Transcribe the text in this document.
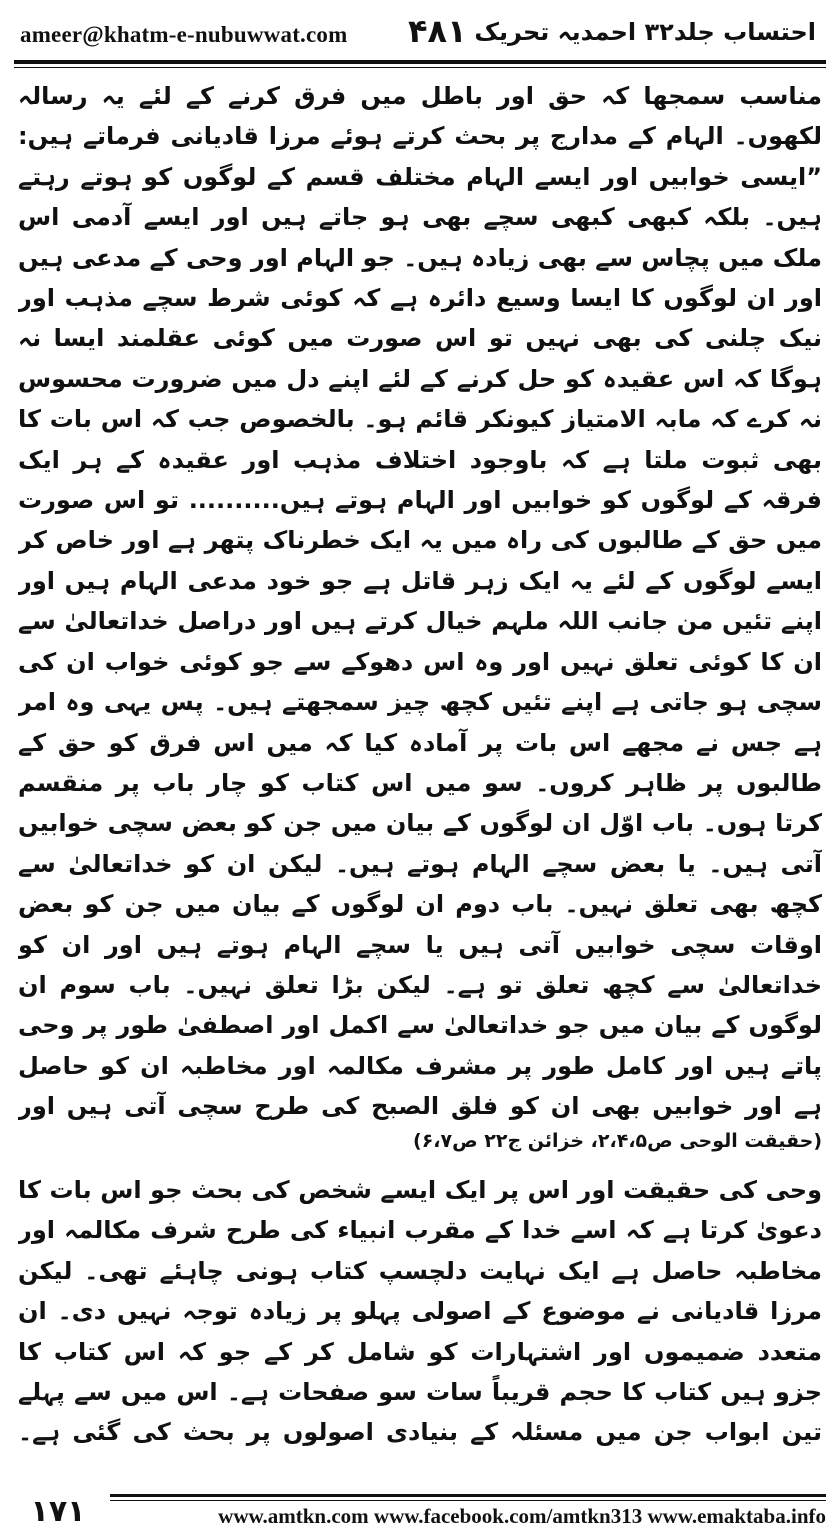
ameer@khatm-e-nubuwwat.com ۴۸۱ احتساب جلد۳۲ احمدیہ تحریک

مناسب سمجھا کہ حق اور باطل میں فرق کرنے کے لئے یہ رسالہ لکھوں۔ الہام کے مدارج پر بحث کرتے ہوئے مرزا قادیانی فرماتے ہیں: ”ایسی خوابیں اور ایسے الہام مختلف قسم کے لوگوں کو ہوتے رہتے ہیں۔ بلکہ کبھی کبھی سچے بھی ہو جاتے ہیں اور ایسے آدمی اس ملک میں پچاس سے بھی زیادہ ہیں۔ جو الہام اور وحی کے مدعی ہیں اور ان لوگوں کا ایسا وسیع دائرہ ہے کہ کوئی شرط سچے مذہب اور نیک چلنی کی بھی نہیں تو اس صورت میں کوئی عقلمند ایسا نہ ہوگا کہ اس عقیدہ کو حل کرنے کے لئے اپنے دل میں ضرورت محسوس نہ کرے کہ مابہ الامتیاز کیونکر قائم ہو۔ بالخصوص جب کہ اس بات کا بھی ثبوت ملتا ہے کہ باوجود اختلاف مذہب اور عقیدہ کے ہر ایک فرقہ کے لوگوں کو خوابیں اور الہام ہوتے ہیں.......... تو اس صورت میں حق کے طالبوں کی راہ میں یہ ایک خطرناک پتھر ہے اور خاص کر ایسے لوگوں کے لئے یہ ایک زہر قاتل ہے جو خود مدعی الہام ہیں اور اپنے تئیں من جانب اللہ ملہم خیال کرتے ہیں اور دراصل خداتعالیٰ سے ان کا کوئی تعلق نہیں اور وہ اس دھوکے سے جو کوئی خواب ان کی سچی ہو جاتی ہے اپنے تئیں کچھ چیز سمجھتے ہیں۔ پس یہی وہ امر ہے جس نے مجھے اس بات پر آمادہ کیا کہ میں اس فرق کو حق کے طالبوں پر ظاہر کروں۔ سو میں اس کتاب کو چار باب پر منقسم کرتا ہوں۔ باب اوّل ان لوگوں کے بیان میں جن کو بعض سچی خوابیں آتی ہیں۔ یا بعض سچے الہام ہوتے ہیں۔ لیکن ان کو خداتعالیٰ سے کچھ بھی تعلق نہیں۔ باب دوم ان لوگوں کے بیان میں جن کو بعض اوقات سچی خوابیں آتی ہیں یا سچے الہام ہوتے ہیں اور ان کو خداتعالیٰ سے کچھ تعلق تو ہے۔ لیکن بڑا تعلق نہیں۔ باب سوم ان لوگوں کے بیان میں جو خداتعالیٰ سے اکمل اور اصطفیٰ طور پر وحی پاتے ہیں اور کامل طور پر مشرف مکالمہ اور مخاطبہ ان کو حاصل ہے اور خوابیں بھی ان کو فلق الصبح کی طرح سچی آتی ہیں اور

(حقیقت الوحی ص۲،۴،۵، خزائن ج۲۲ ص۶،۷)

وحی کی حقیقت اور اس پر ایک ایسے شخص کی بحث جو اس بات کا دعویٰ کرتا ہے کہ اسے خدا کے مقرب انبیاء کی طرح شرف مکالمہ اور مخاطبہ حاصل ہے ایک نہایت دلچسپ کتاب ہونی چاہئے تھی۔ لیکن مرزا قادیانی نے موضوع کے اصولی پہلو پر زیادہ توجہ نہیں دی۔ ان متعدد ضمیموں اور اشتہارات کو شامل کر کے جو کہ اس کتاب کا جزو ہیں کتاب کا حجم قریباً سات سو صفحات ہے۔ اس میں سے پہلے تین ابواب جن میں مسئلہ کے بنیادی اصولوں پر بحث کی گئی ہے۔

۱۷۱	www.amtkn.com www.facebook.com/amtkn313 www.emaktaba.info
